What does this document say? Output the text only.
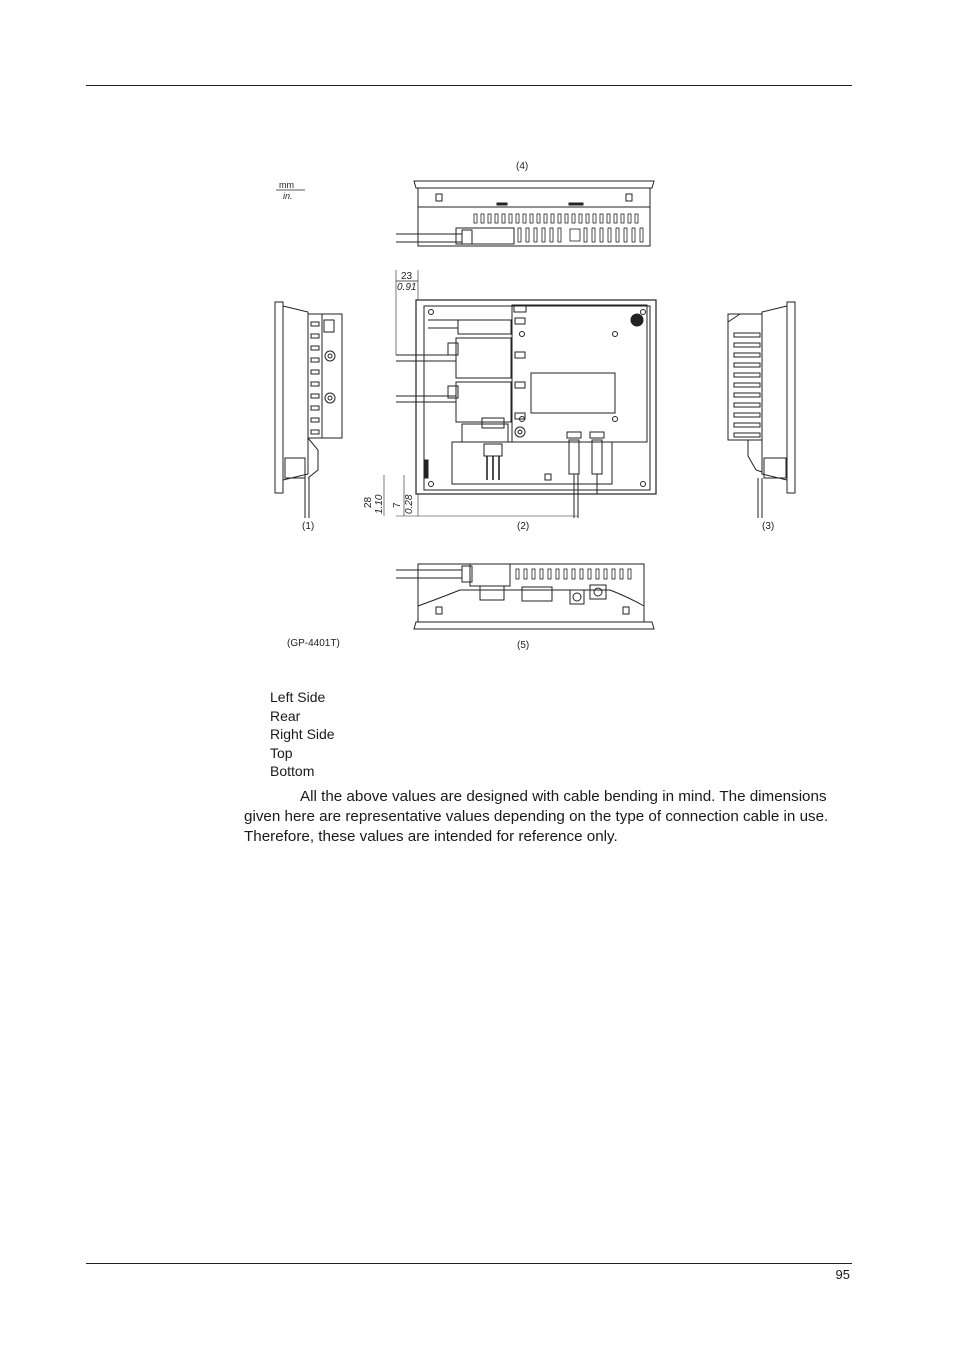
mm
in.
(4)
23
0.91
(2)
28 1.10 7 0.28
(1)	(3)
(5)
(GP-4401T)
Left Side
Rear
Right Side
Top
Bottom

All the above values are designed with cable bending in mind. The dimensions given here are representative values depending on the type of connection cable in use. Therefore, these values are intended for reference only.

95
